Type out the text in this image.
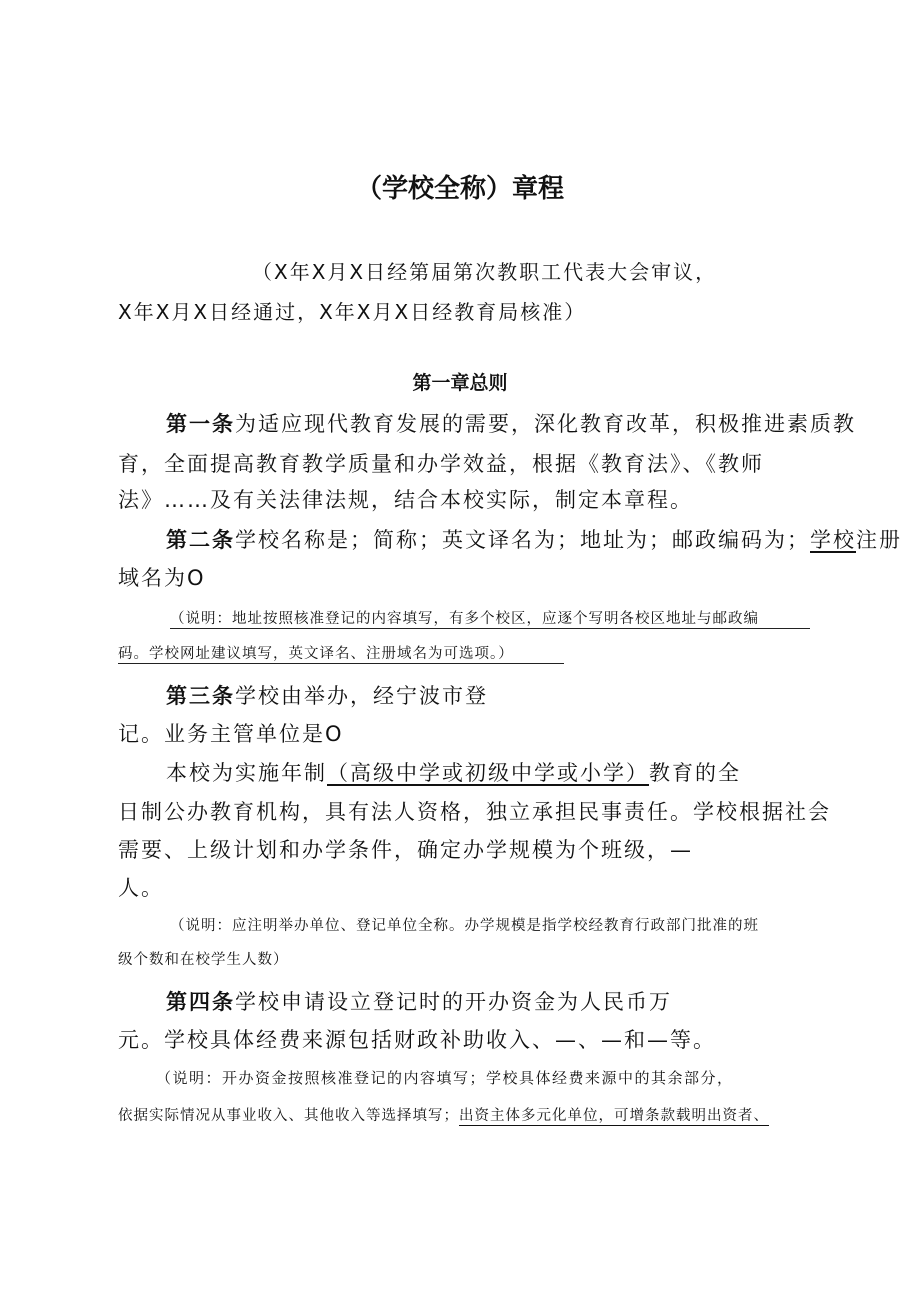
（学校全称）章程
（X年X月X日经第届第次教职工代表大会审议，
X年X月X日经通过，X年X月X日经教育局核准）
第一章总则
第一条为适应现代教育发展的需要，深化教育改革，积极推进素质教
育，全面提高教育教学质量和办学效益，根据《教育法》、《教师
法》……及有关法律法规，结合本校实际，制定本章程。
第二条学校名称是；简称；英文译名为；地址为；邮政编码为；学校注册
域名为O
（说明：地址按照核准登记的内容填写，有多个校区，应逐个写明各校区地址与邮政编
码。学校网址建议填写，英文译名、注册域名为可选项。）
第三条学校由举办，经宁波市登
记。业务主管单位是O
本校为实施年制（高级中学或初级中学或小学）教育的全
日制公办教育机构，具有法人资格，独立承担民事责任。学校根据社会
需要、上级计划和办学条件，确定办学规模为个班级，—
人。
（说明：应注明举办单位、登记单位全称。办学规模是指学校经教育行政部门批准的班
级个数和在校学生人数）
第四条学校申请设立登记时的开办资金为人民币万
元。学校具体经费来源包括财政补助收入、—、—和—等。
（说明：开办资金按照核准登记的内容填写；学校具体经费来源中的其余部分，
依据实际情况从事业收入、其他收入等选择填写；出资主体多元化单位，可增条款载明出资者、
